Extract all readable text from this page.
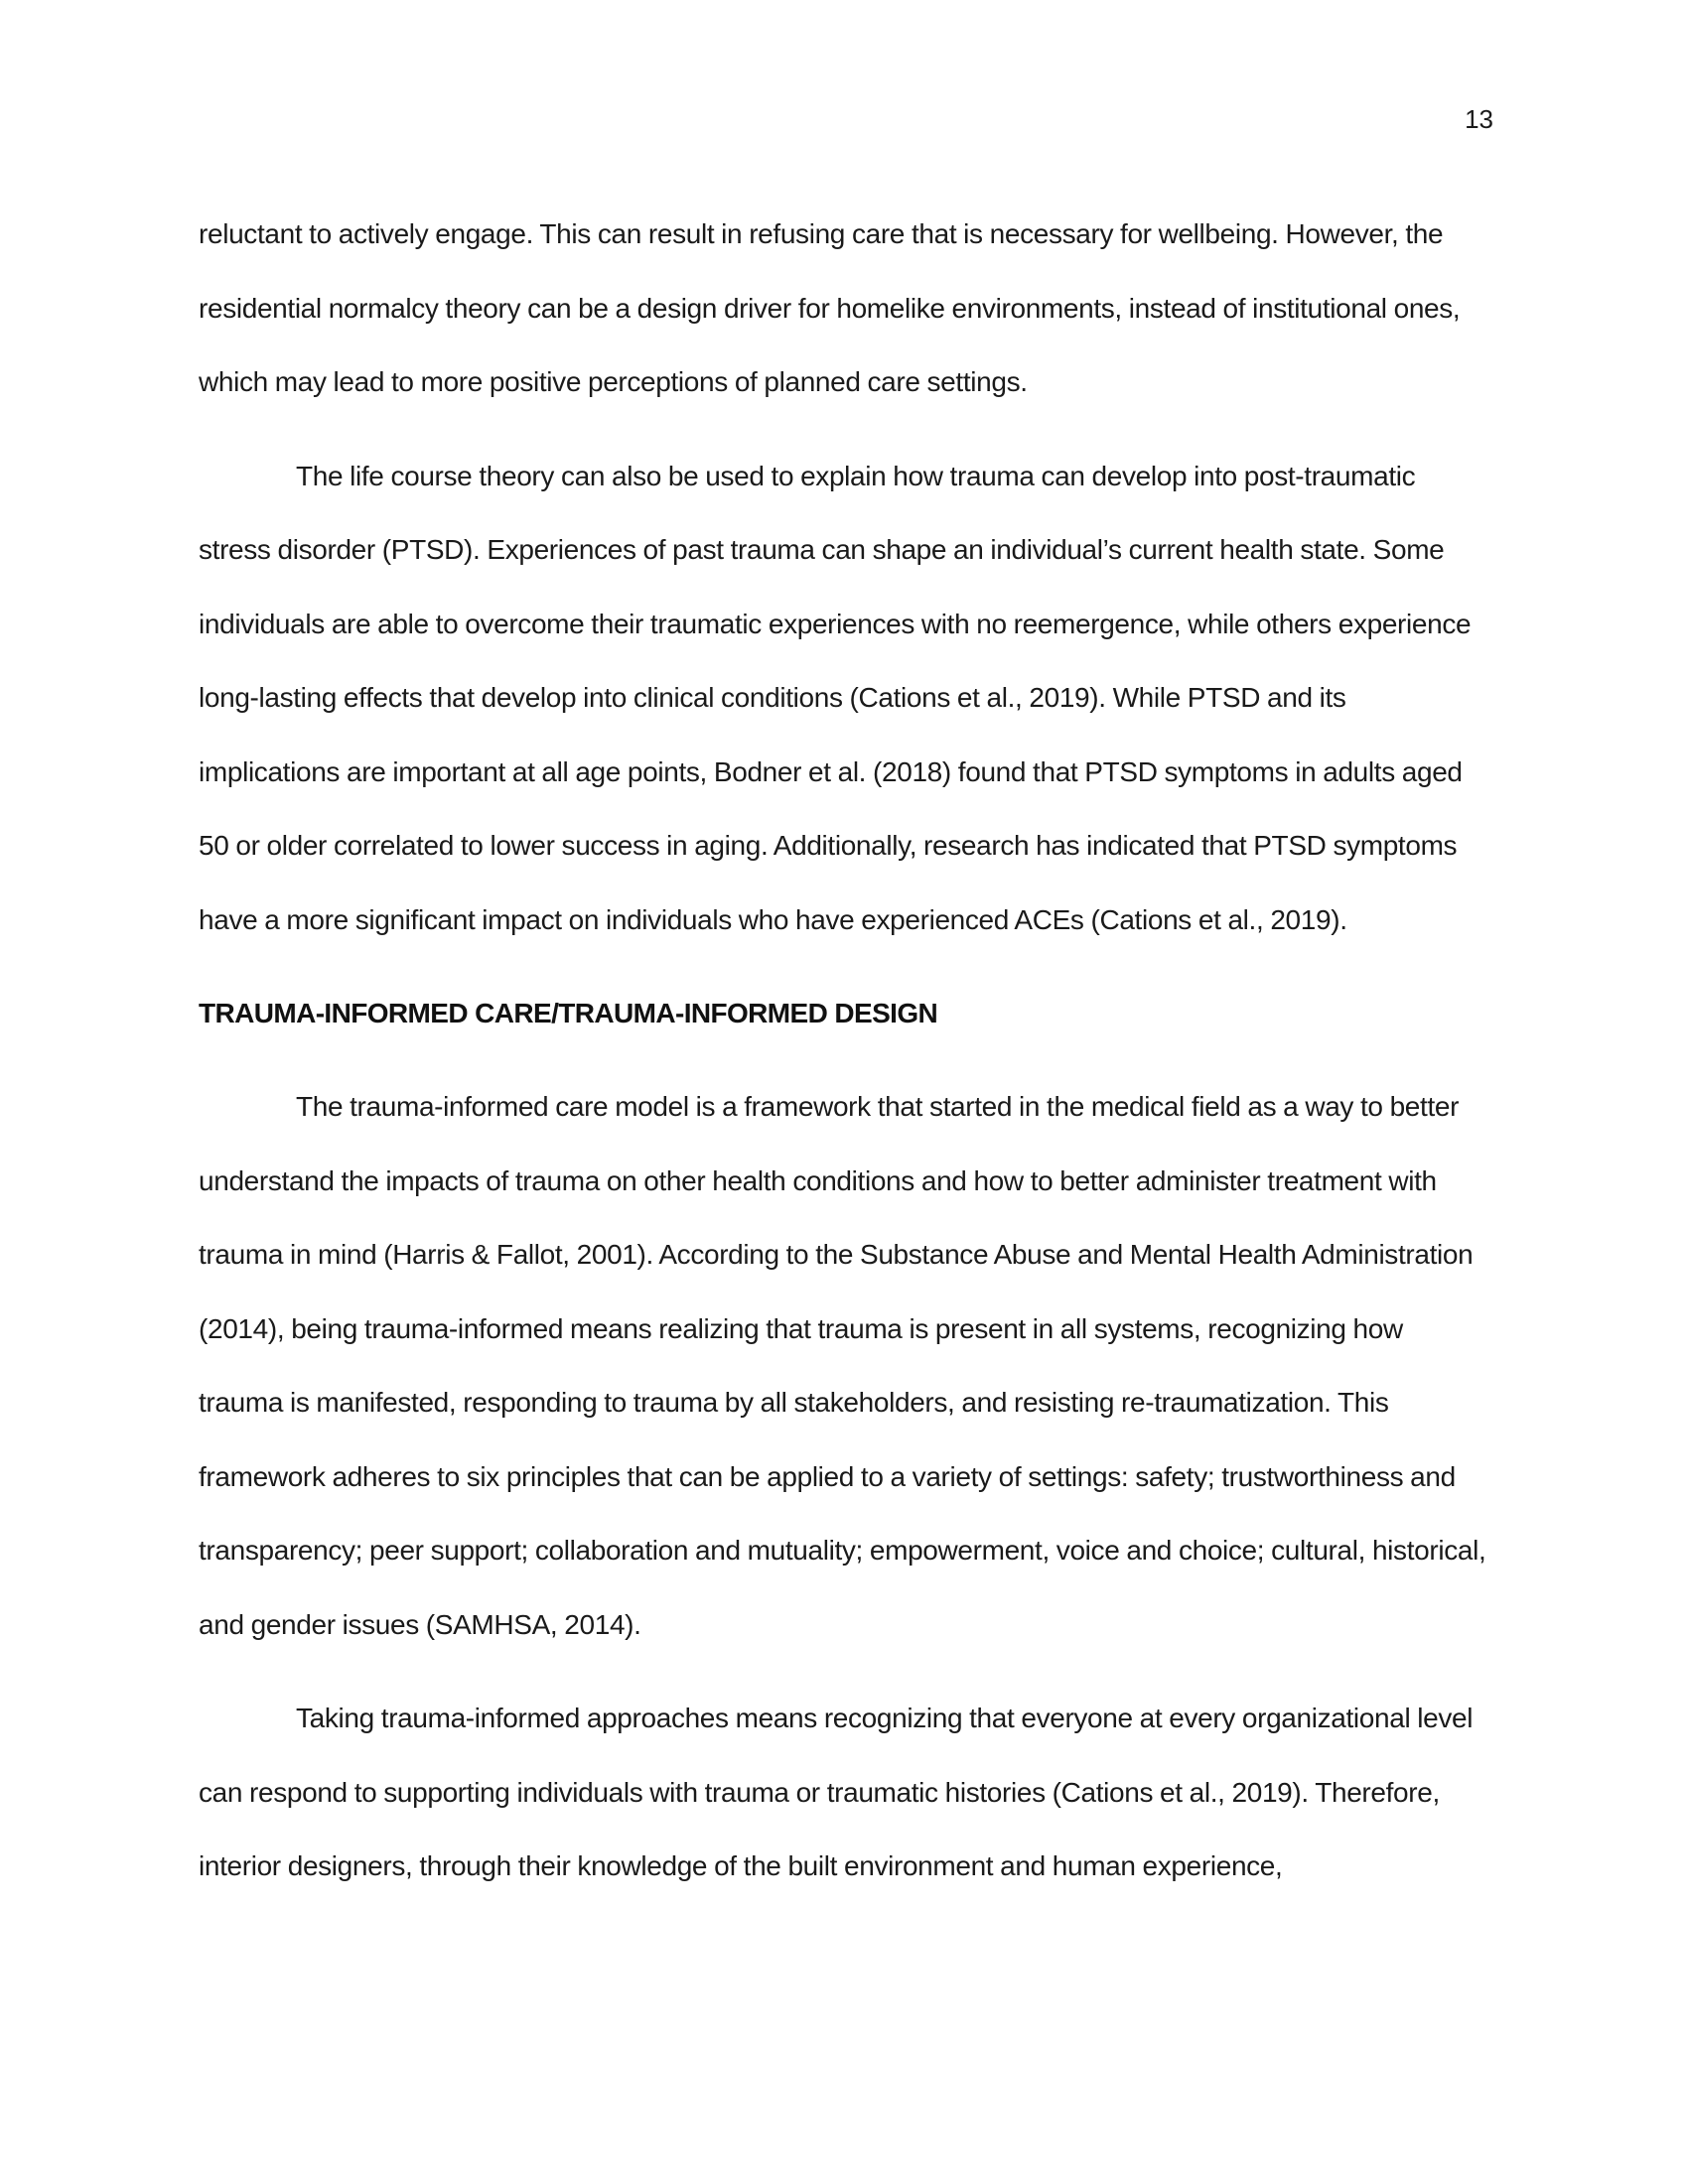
13

reluctant to actively engage. This can result in refusing care that is necessary for wellbeing. However, the residential normalcy theory can be a design driver for homelike environments, instead of institutional ones, which may lead to more positive perceptions of planned care settings.

The life course theory can also be used to explain how trauma can develop into post-traumatic stress disorder (PTSD). Experiences of past trauma can shape an individual’s current health state. Some individuals are able to overcome their traumatic experiences with no reemergence, while others experience long-lasting effects that develop into clinical conditions (Cations et al., 2019). While PTSD and its implications are important at all age points, Bodner et al. (2018) found that PTSD symptoms in adults aged 50 or older correlated to lower success in aging. Additionally, research has indicated that PTSD symptoms have a more significant impact on individuals who have experienced ACEs (Cations et al., 2019).

TRAUMA-INFORMED CARE/TRAUMA-INFORMED DESIGN

The trauma-informed care model is a framework that started in the medical field as a way to better understand the impacts of trauma on other health conditions and how to better administer treatment with trauma in mind (Harris & Fallot, 2001). According to the Substance Abuse and Mental Health Administration (2014), being trauma-informed means realizing that trauma is present in all systems, recognizing how trauma is manifested, responding to trauma by all stakeholders, and resisting re-traumatization. This framework adheres to six principles that can be applied to a variety of settings: safety; trustworthiness and transparency; peer support; collaboration and mutuality; empowerment, voice and choice; cultural, historical, and gender issues (SAMHSA, 2014).

Taking trauma-informed approaches means recognizing that everyone at every organizational level can respond to supporting individuals with trauma or traumatic histories (Cations et al., 2019). Therefore, interior designers, through their knowledge of the built environment and human experience,
